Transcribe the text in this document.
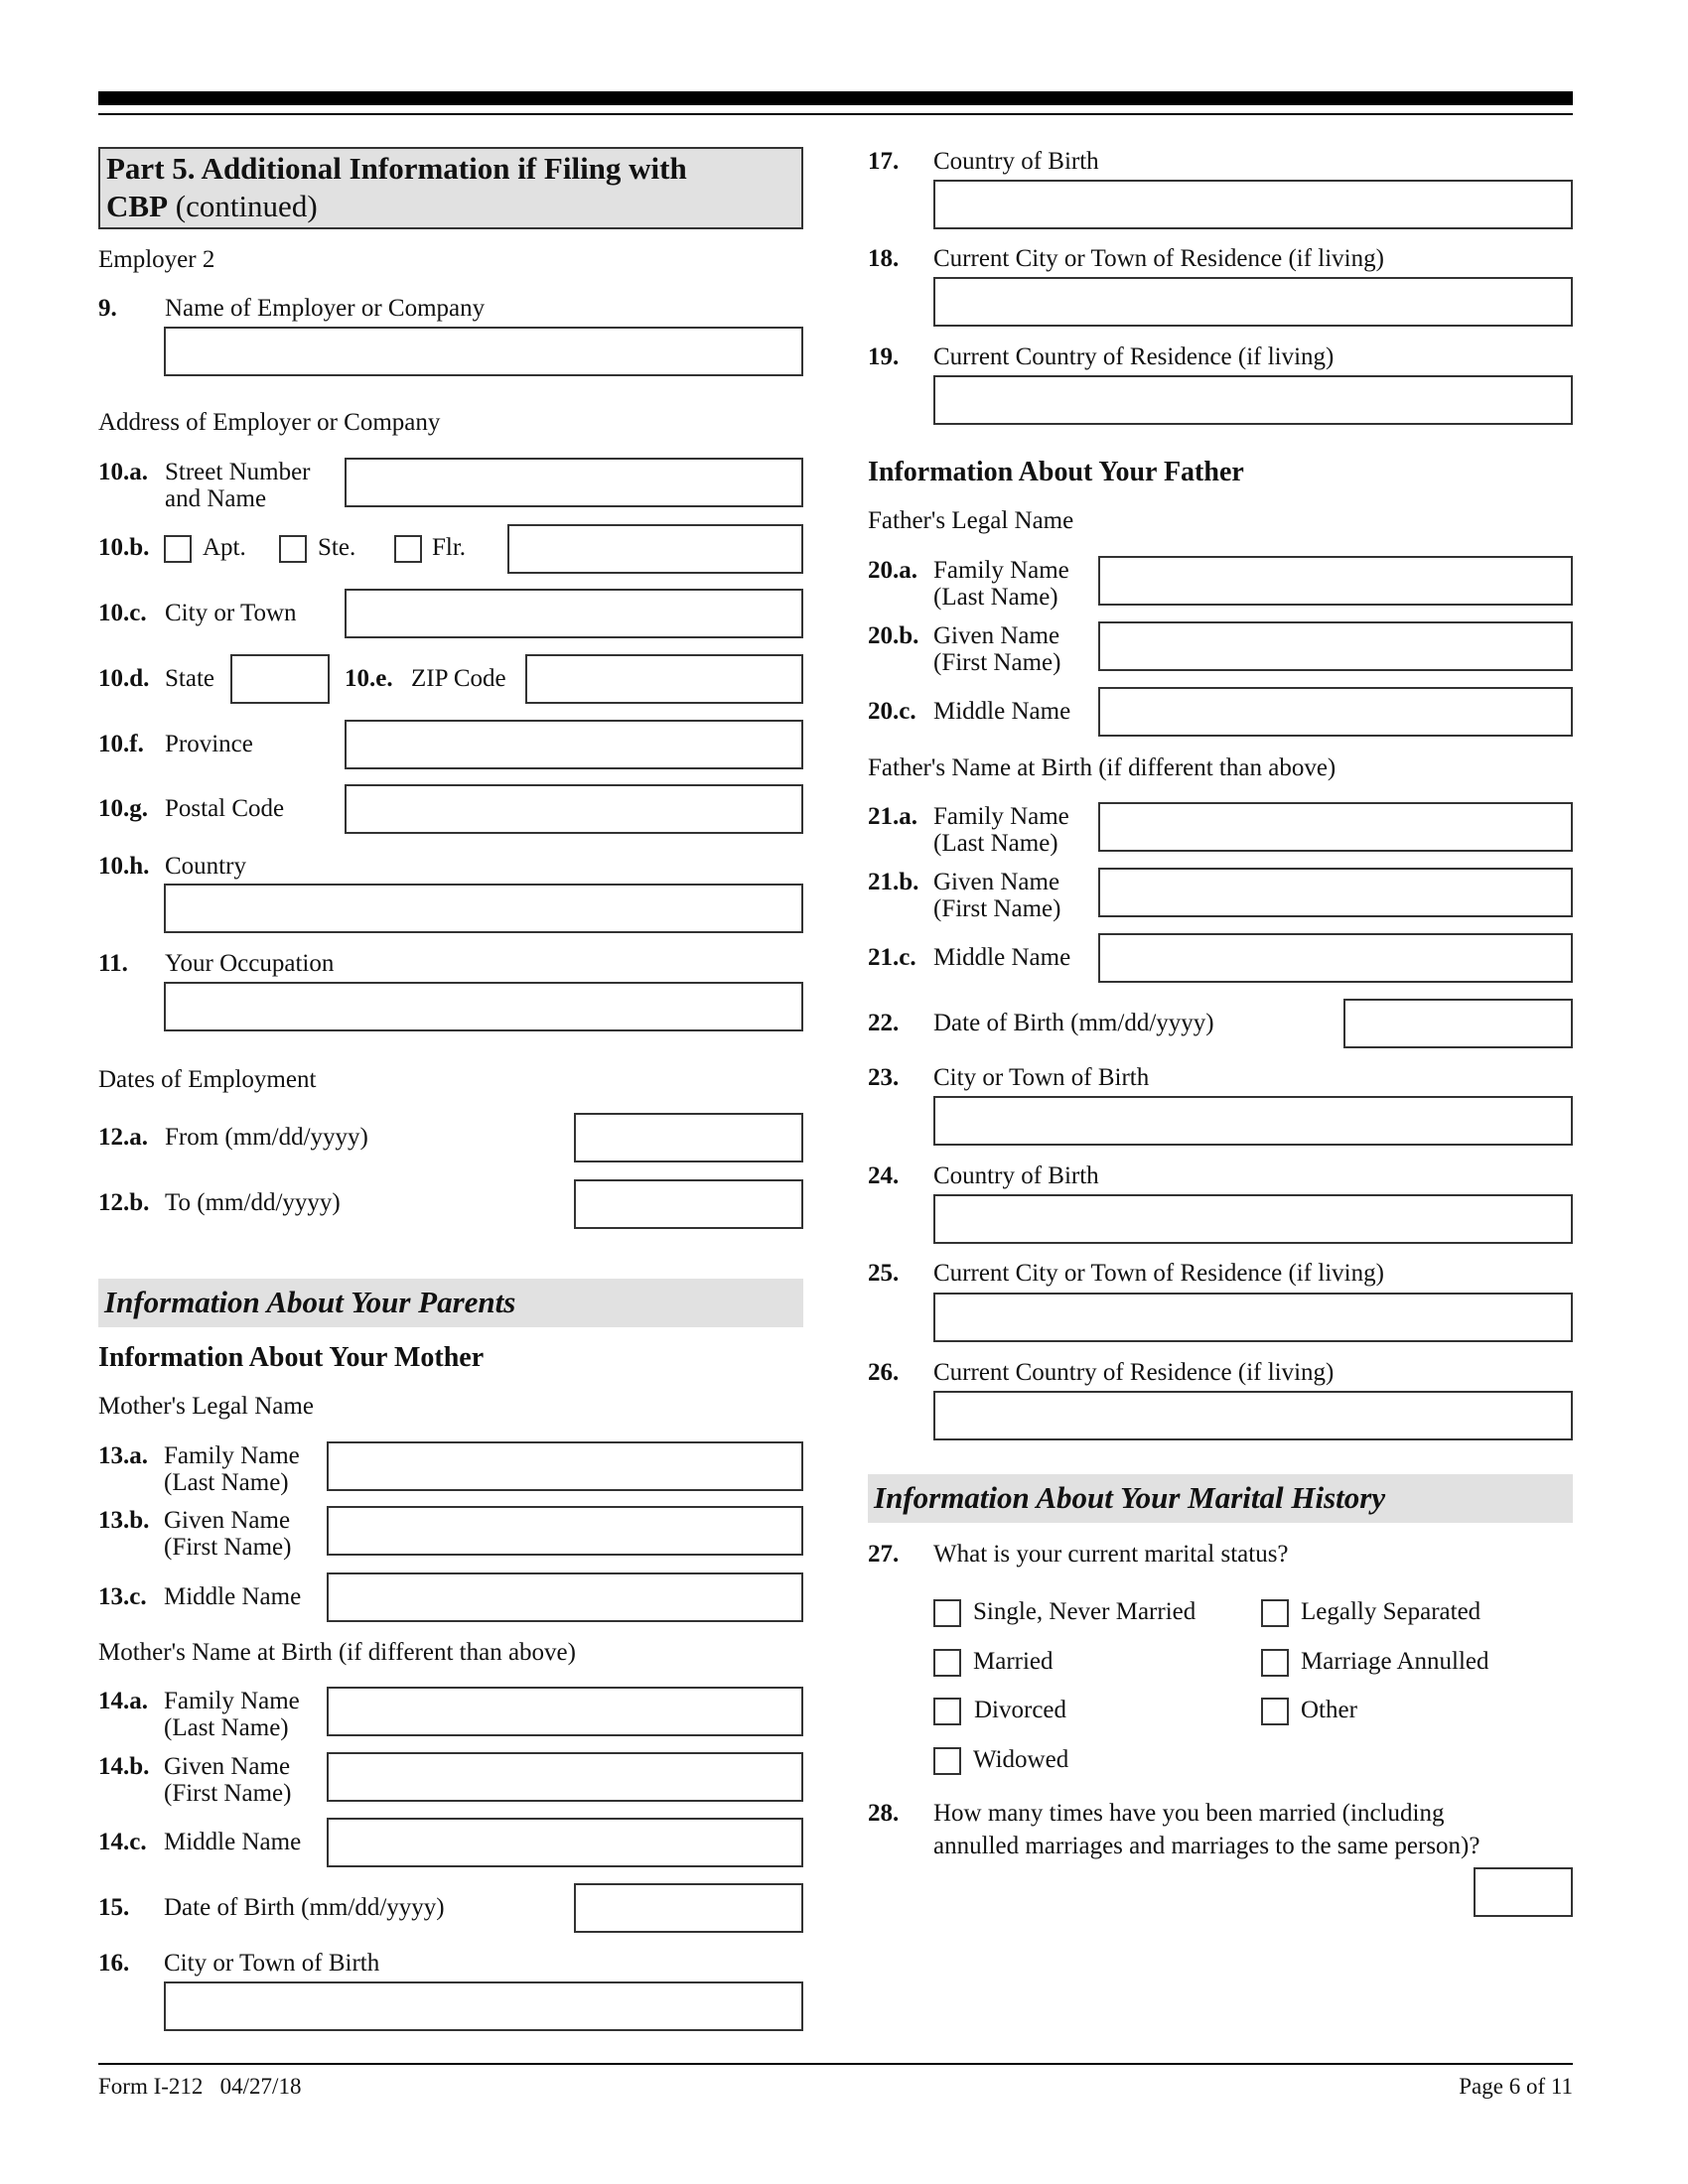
Part 5. Additional Information if Filing with
CBP (continued)
Employer 2
9. Name of Employer or Company
Address of Employer or Company
10.a. Street Number
and Name
10.b. Apt.	Ste.	Flr.
10.c. City or Town
10.d. State	10.e. ZIP Code
10.f. Province
10.g. Postal Code
10.h. Country
11. Your Occupation
Dates of Employment
12.a. From (mm/dd/yyyy)
12.b. To (mm/dd/yyyy)
Information About Your Parents
Information About Your Mother
Mother's Legal Name
13.a. Family Name
(Last Name)
13.b. Given Name
(First Name)
13.c. Middle Name
Mother's Name at Birth (if different than above)
14.a. Family Name
(Last Name)
14.b. Given Name
(First Name)
14.c. Middle Name
15. Date of Birth (mm/dd/yyyy)
16. City or Town of Birth
17. Country of Birth
18. Current City or Town of Residence (if living)
19. Current Country of Residence (if living)
Information About Your Father
Father's Legal Name
20.a. Family Name
(Last Name)
20.b. Given Name
(First Name)
20.c. Middle Name
Father's Name at Birth (if different than above)
21.a. Family Name
(Last Name)
21.b. Given Name
(First Name)
21.c. Middle Name
22. Date of Birth (mm/dd/yyyy)
23. City or Town of Birth
24. Country of Birth
25. Current City or Town of Residence (if living)
26. Current Country of Residence (if living)
Information About Your Marital History
27. What is your current marital status?
Single, Never Married
Married
Divorced
Widowed
Legally Separated
Marriage Annulled
Other
28. How many times have you been married (including
annulled marriages and marriages to the same person)?
Form I-212   04/27/18	Page 6 of 11
